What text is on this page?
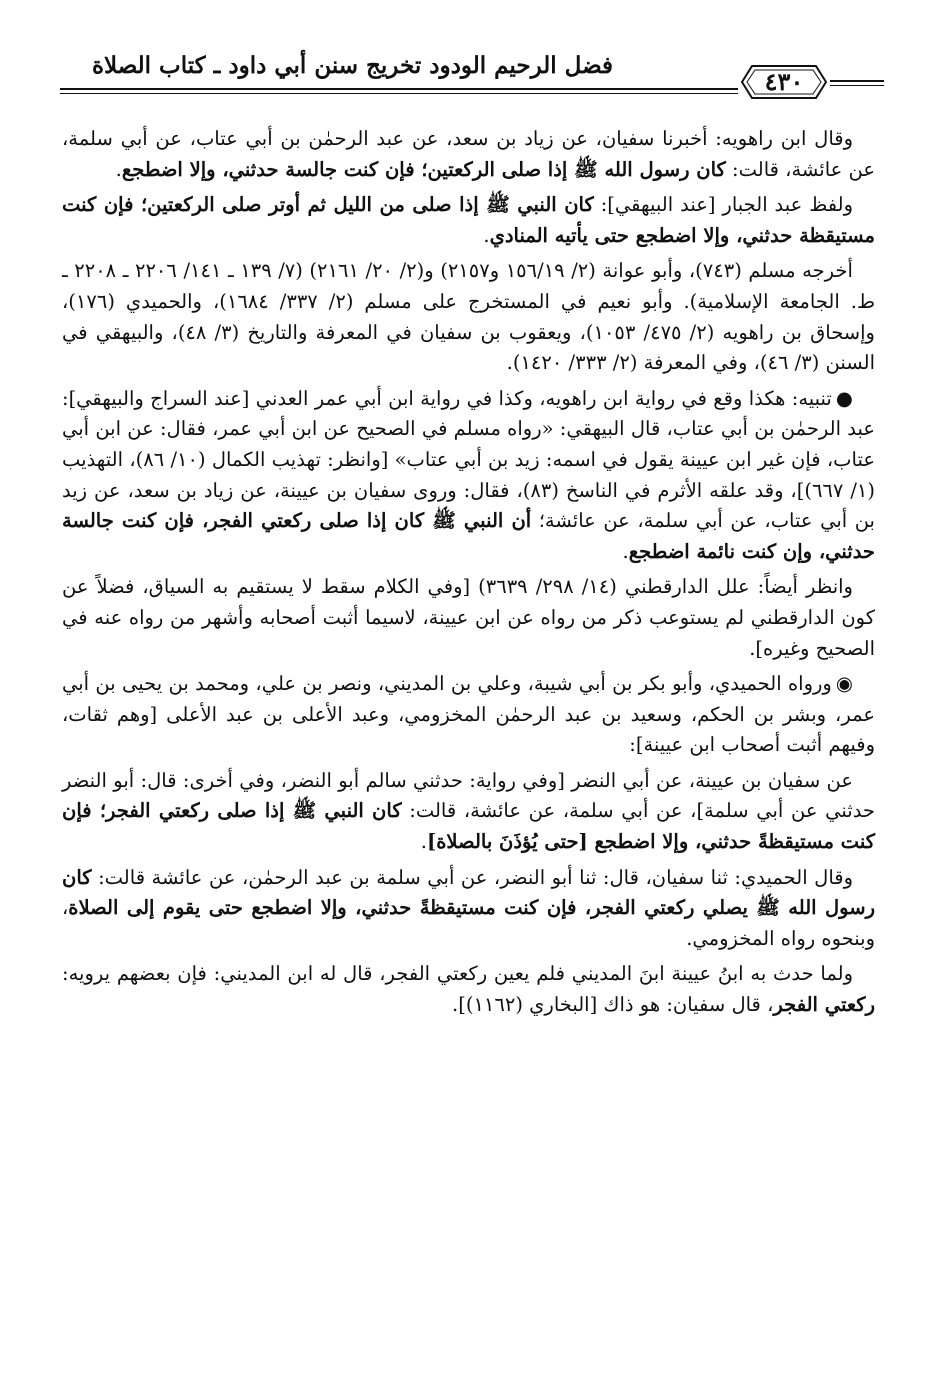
فضل الرحيم الودود تخريج سنن أبي داود ـ كتاب الصلاة
٤٣٠

وقال ابن راهويه: أخبرنا سفيان، عن زياد بن سعد، عن عبد الرحمٰن بن أبي عتاب، عن أبي سلمة، عن عائشة، قالت: كان رسول الله ﷺ إذا صلى الركعتين؛ فإن كنت جالسة حدثني، وإلا اضطجع.

ولفظ عبد الجبار [عند البيهقي]: كان النبي ﷺ إذا صلى من الليل ثم أوتر صلى الركعتين؛ فإن كنت مستيقظة حدثني، وإلا اضطجع حتى يأتيه المنادي.

أخرجه مسلم (٧٤٣)، وأبو عوانة (٢/ ١٥٦/١٩ و٢١٥٧) و(٢/ ٢٠/ ٢١٦١) (٧/ ١٣٩ ـ ١٤١/ ٢٢٠٦ ـ ٢٢٠٨ ـ ط. الجامعة الإسلامية). وأبو نعيم في المستخرج على مسلم (٢/ ٣٣٧/ ١٦٨٤)، والحميدي (١٧٦)، وإسحاق بن راهويه (٢/ ٤٧٥/ ١٠٥٣)، ويعقوب بن سفيان في المعرفة والتاريخ (٣/ ٤٨)، والبيهقي في السنن (٣/ ٤٦)، وفي المعرفة (٢/ ٣٣٣/ ١٤٢٠).

●تنبيه: هكذا وقع في رواية ابن راهويه، وكذا في رواية ابن أبي عمر العدني [عند السراج والبيهقي]: عبد الرحمٰن بن أبي عتاب، قال البيهقي: «رواه مسلم في الصحيح عن ابن أبي عمر، فقال: عن ابن أبي عتاب، فإن غير ابن عيينة يقول في اسمه: زيد بن أبي عتاب» [وانظر: تهذيب الكمال (١٠/ ٨٦)، التهذيب (١/ ٦٦٧)]، وقد علقه الأثرم في الناسخ (٨٣)، فقال: وروى سفيان بن عيينة، عن زياد بن سعد، عن زيد بن أبي عتاب، عن أبي سلمة، عن عائشة؛ أن النبي ﷺ كان إذا صلى ركعتي الفجر، فإن كنت جالسة حدثني، وإن كنت نائمة اضطجع.

وانظر أيضاً: علل الدارقطني (١٤/ ٢٩٨/ ٣٦٣٩) [وفي الكلام سقط لا يستقيم به السياق، فضلاً عن كون الدارقطني لم يستوعب ذكر من رواه عن ابن عيينة، لاسيما أثبت أصحابه وأشهر من رواه عنه في الصحيح وغيره].

◉ورواه الحميدي، وأبو بكر بن أبي شيبة، وعلي بن المديني، ونصر بن علي، ومحمد بن يحيى بن أبي عمر، وبشر بن الحكم، وسعيد بن عبد الرحمٰن المخزومي، وعبد الأعلى بن عبد الأعلى [وهم ثقات، وفيهم أثبت أصحاب ابن عيينة]:

عن سفيان بن عيينة، عن أبي النضر [وفي رواية: حدثني سالم أبو النضر، وفي أخرى: قال: أبو النضر حدثني عن أبي سلمة]، عن أبي سلمة، عن عائشة، قالت: كان النبي ﷺ إذا صلى ركعتي الفجر؛ فإن كنت مستيقظةً حدثني، وإلا اضطجع [حتى يُؤذَنَ بالصلاة].

وقال الحميدي: ثنا سفيان، قال: ثنا أبو النضر، عن أبي سلمة بن عبد الرحمٰن، عن عائشة قالت: كان رسول الله ﷺ يصلي ركعتي الفجر، فإن كنت مستيقظةً حدثني، وإلا اضطجع حتى يقوم إلى الصلاة، وبنحوه رواه المخزومي.

ولما حدث به ابنُ عيينة ابنَ المديني فلم يعين ركعتي الفجر، قال له ابن المديني: فإن بعضهم يرويه: ركعتي الفجر، قال سفيان: هو ذاك [البخاري (١١٦٢)].
